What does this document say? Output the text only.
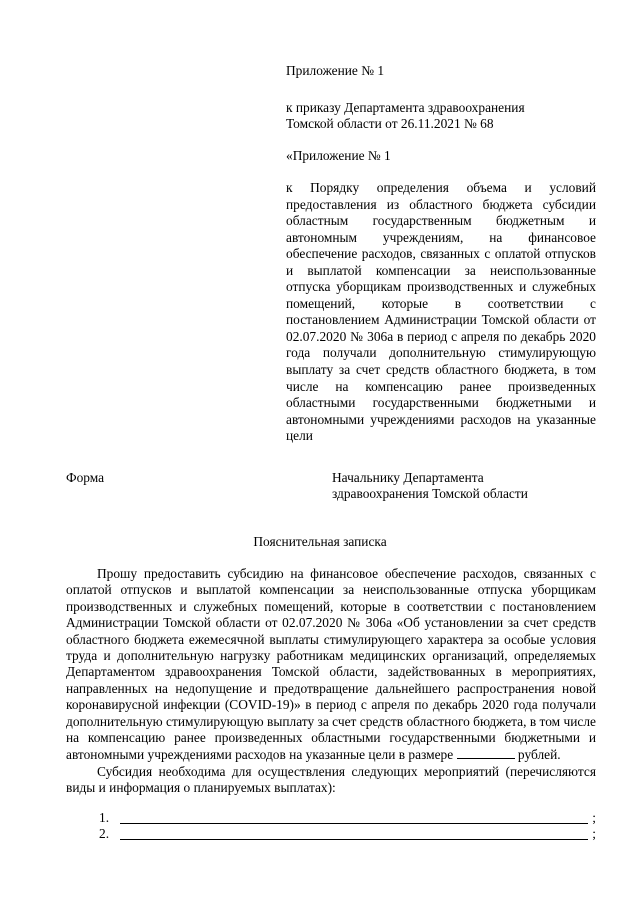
Приложение № 1
к приказу Департамента здравоохранения
Томской области от 26.11.2021 № 68
«Приложение № 1
к Порядку определения объема и условий предоставления из областного бюджета субсидии областным государственным бюджетным и автономным учреждениям, на финансовое обеспечение расходов, связанных с оплатой отпусков и выплатой компенсации за неиспользованные отпуска уборщикам производственных и служебных помещений, которые в соответствии с постановлением Администрации Томской области от 02.07.2020 № 306а в период с апреля по декабрь 2020 года получали дополнительную стимулирующую выплату за счет средств областного бюджета, в том числе на компенсацию ранее произведенных областными государственными бюджетными и автономными учреждениями расходов на указанные цели
Форма	Начальнику Департамента
здравоохранения Томской области
Пояснительная записка

Прошу предоставить субсидию на финансовое обеспечение расходов, связанных с оплатой отпусков и выплатой компенсации за неиспользованные отпуска уборщикам производственных и служебных помещений, которые в соответствии с постановлением Администрации Томской области от 02.07.2020 № 306а «Об установлении за счет средств областного бюджета ежемесячной выплаты стимулирующего характера за особые условия труда и дополнительную нагрузку работникам медицинских организаций, определяемых Департаментом здравоохранения Томской области, задействованных в мероприятиях, направленных на недопущение и предотвращение дальнейшего распространения новой коронавирусной инфекции (COVID-19)» в период с апреля по декабрь 2020 года получали дополнительную стимулирующую выплату за счет средств областного бюджета, в том числе на компенсацию ранее произведенных областными государственными бюджетными и автономными учреждениями расходов на указанные цели в размере	рублей.

Субсидия необходима для осуществления следующих мероприятий (перечисляются виды и информация о планируемых выплатах):

1.	;
2.	;
